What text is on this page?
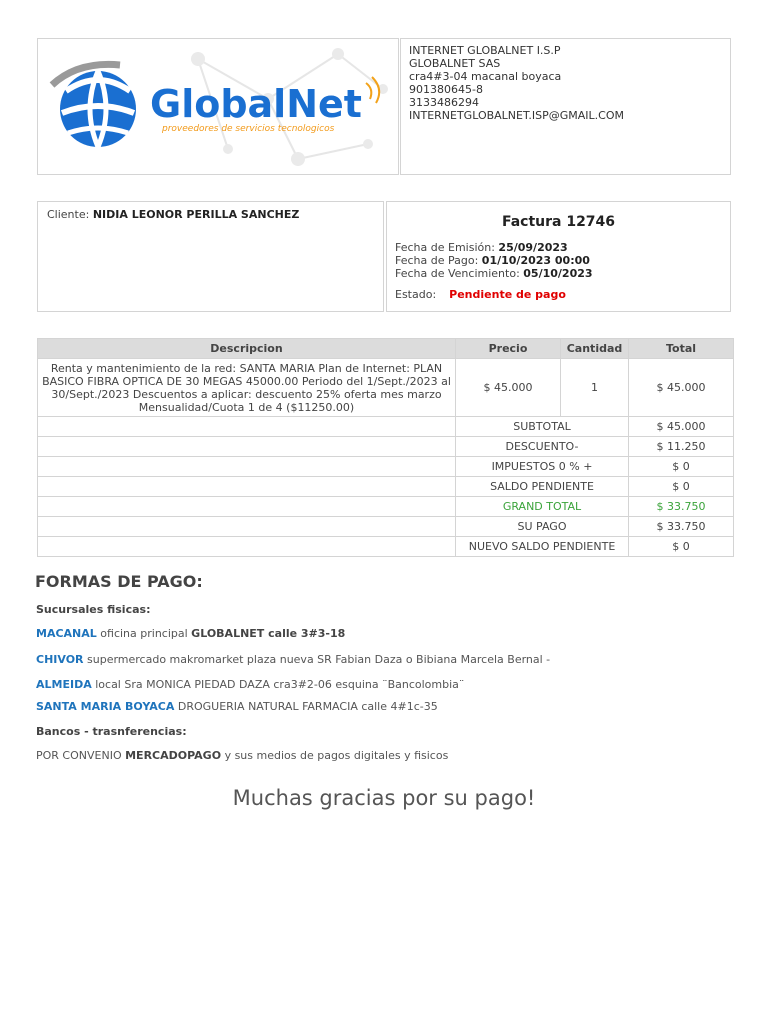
GlobalNet
proveedores de servicios tecnologicos
INTERNET GLOBALNET I.S.P
GLOBALNET SAS
cra4#3-04 macanal boyaca
901380645-8
3133486294
INTERNETGLOBALNET.ISP@GMAIL.COM
Cliente: NIDIA LEONOR PERILLA SANCHEZ	Factura 12746
Fecha de Emisión: 25/09/2023
Fecha de Pago: 01/10/2023 00:00
Fecha de Vencimiento: 05/10/2023
Estado: Pendiente de pago
Descripcion	Precio	Cantidad	Total
Renta y mantenimiento de la red: SANTA MARIA Plan de Internet: PLAN BASICO FIBRA OPTICA DE 30 MEGAS 45000.00 Periodo del 1/Sept./2023 al 30/Sept./2023 Descuentos a aplicar: descuento 25% oferta mes marzo Mensualidad/Cuota 1 de 4 ($11250.00)	$ 45.000	1	$ 45.000
	SUBTOTAL		$ 45.000
	DESCUENTO-		$ 11.250
	IMPUESTOS 0 % +		$ 0
	SALDO PENDIENTE		$ 0
	GRAND TOTAL		$ 33.750
	SU PAGO		$ 33.750
	NUEVO SALDO PENDIENTE		$ 0
FORMAS DE PAGO:
Sucursales fisicas:
MACANAL oficina principal GLOBALNET calle 3#3-18
CHIVOR supermercado makromarket plaza nueva SR Fabian Daza o Bibiana Marcela Bernal -
ALMEIDA local Sra MONICA PIEDAD DAZA cra3#2-06 esquina ¨Bancolombia¨
SANTA MARIA BOYACA DROGUERIA NATURAL FARMACIA calle 4#1c-35
Bancos - trasnferencias:
POR CONVENIO MERCADOPAGO y sus medios de pagos digitales y fisicos
Muchas gracias por su pago!
